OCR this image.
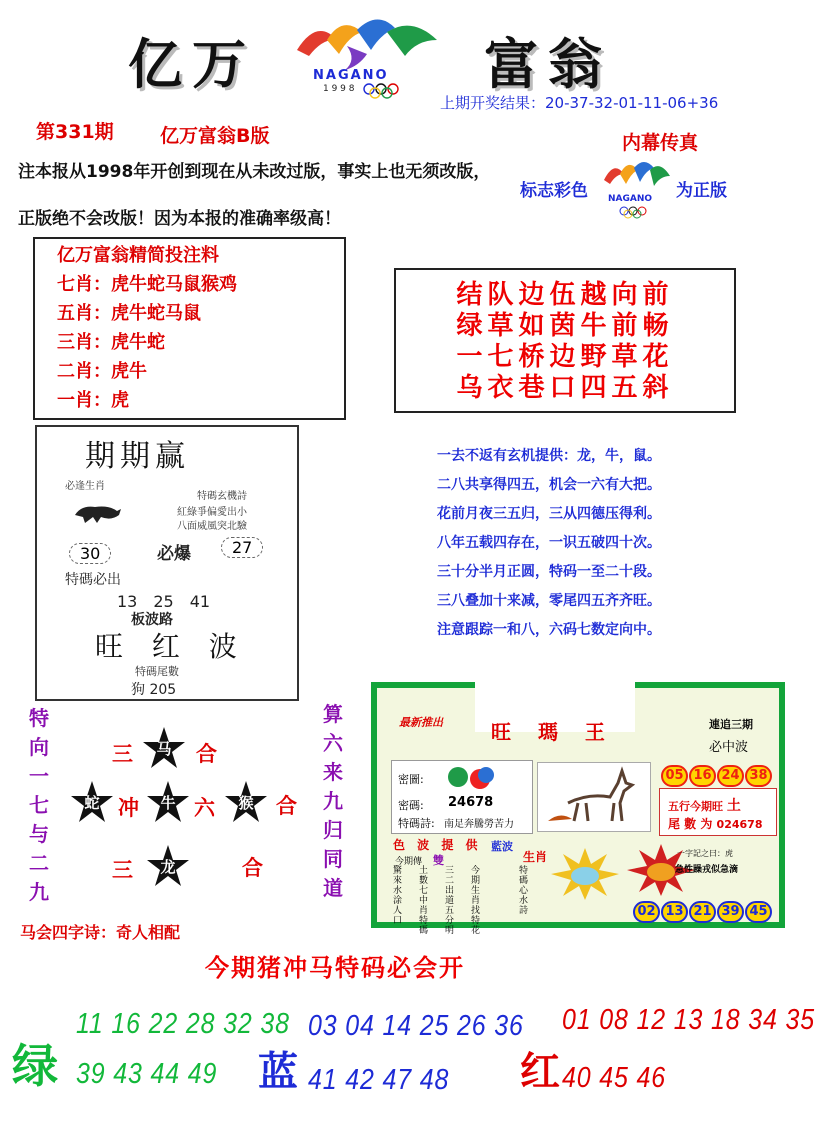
亿万	NAGANO
1 9 9 8 富翁
上期开奖结果：20-37-32-01-11-06+36
第331期 亿万富翁B版	内幕传真
注本报从1998年开创到现在从未改过版，事实上也无须改版，
正版绝不会改版！因为本报的准确率级高！
标志彩色 NAGANO 为正版
亿万富翁精简投注料
七肖：虎牛蛇马鼠猴鸡
五肖：虎牛蛇马鼠
三肖：虎牛蛇
二肖：虎牛
一肖：虎
结队边伍越向前
绿草如茵牛前畅
一七桥边野草花
乌衣巷口四五斜
期期赢
必逢生肖
特碼玄機詩
紅綠爭偏愛出小
八面威風突北驗
30	必爆	27
特碼必出
13　25　41
板波路
旺 红 波
特碼尾數
狗 205
一去不返有玄机提供：龙，牛，鼠。
二八共享得四五，机会一六有大把。
花前月夜三五归，三从四德压得利。
八年五载四存在，一识五破四十次。
三十分半月正圆，特码一至二十段。
三八叠加十来减，零尾四五齐齐旺。
注意跟踪一和八，六码七数定向中。
特
向
一
七
与
二
九
算
六
来
九
归
同
道
三	马	合
蛇 冲	牛 六	猴	合
三	龙	合
马会四字诗：奇人相配
最新推出 旺 瑪 王	連追三期
必中波
密圖:
密碼: 24678
特碼詩: 南足奔騰勞苦力
05 16 24 38
五行今期旺 土
尾 數 为 024678
色 波 提 供 藍波
今期傳 雙
驚來水涂人口
土數七中肖特碼
三二出道五分明
今期生肖找特花
生肖
特碼心水詩
一字記之曰：虎
急性躁戎似急滴
02 13 21 39 45
今期猪冲马特码必会开
绿
11 16 22 28 32 38
39 43 44 49 蓝
03 04 14 25 26 36
41 42 47 48 红
01 08 12 13 18 34 35
40 45 46
